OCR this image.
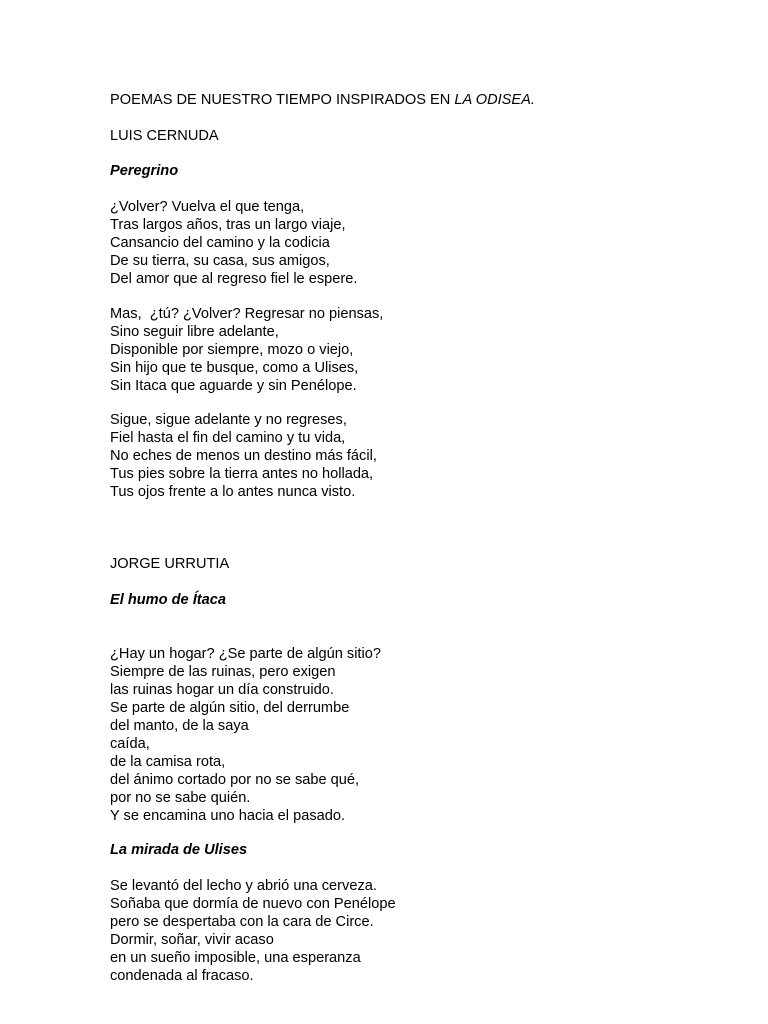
POEMAS DE NUESTRO TIEMPO INSPIRADOS EN LA ODISEA.
LUIS CERNUDA
Peregrino
¿Volver? Vuelva el que tenga,
Tras largos años, tras un largo viaje,
Cansancio del camino y la codicia
De su tierra, su casa, sus amigos,
Del amor que al regreso fiel le espere.
Mas,  ¿tú? ¿Volver? Regresar no piensas,
Sino seguir libre adelante,
Disponible por siempre, mozo o viejo,
Sin hijo que te busque, como a Ulises,
Sin Itaca que aguarde y sin Penélope.
Sigue, sigue adelante y no regreses,
Fiel hasta el fin del camino y tu vida,
No eches de menos un destino más fácil,
Tus pies sobre la tierra antes no hollada,
Tus ojos frente a lo antes nunca visto.
JORGE URRUTIA
El humo de Ítaca
¿Hay un hogar? ¿Se parte de algún sitio?
Siempre de las ruinas, pero exigen
las ruinas hogar un día construido.
Se parte de algún sitio, del derrumbe
del manto, de la saya
caída,
de la camisa rota,
del ánimo cortado por no se sabe qué,
por no se sabe quién.
Y se encamina uno hacia el pasado.
La mirada de Ulises
Se levantó del lecho y abrió una cerveza.
Soñaba que dormía de nuevo con Penélope
pero se despertaba con la cara de Circe.
Dormir, soñar, vivir acaso
en un sueño imposible, una esperanza
condenada al fracaso.
